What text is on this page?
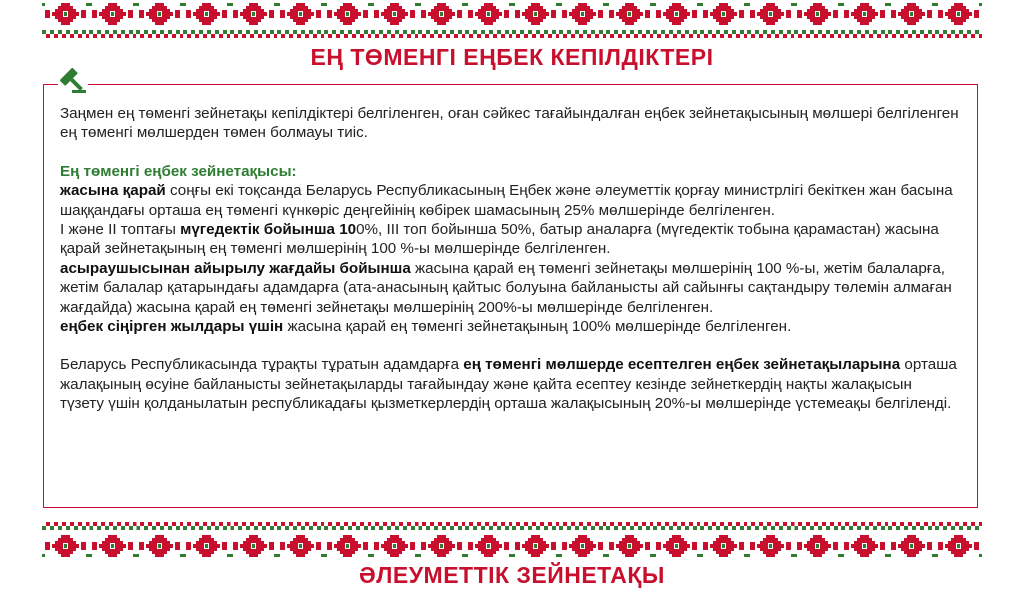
ЕҢ ТӨМЕНГІ ЕҢБЕК КЕПІЛДІКТЕРІ

Заңмен ең төменгі зейнетақы кепілдіктері белгіленген, оған сәйкес тағайындалған еңбек зейнетақысының мөлшері белгіленген ең төменгі мөлшерден төмен болмауы тиіс.

Ең төменгі еңбек зейнетақысы:

жасына қарай соңғы екі тоқсанда Беларусь Республикасының Еңбек және әлеуметтік қорғау министрлігі бекіткен жан басына шаққандағы орташа ең төменгі күнкөріс деңгейінің көбірек шамасының 25% мөлшерінде белгіленген.

І және ІІ топтағы мүгедектік бойынша 100%, ІІІ топ бойынша 50%, батыр аналарға (мүгедектік тобына қарамастан) жасына қарай зейнетақының ең төменгі мөлшерінің 100 %-ы мөлшерінде белгіленген.

асыраушысынан айырылу жағдайы бойынша жасына қарай ең төменгі зейнетақы мөлшерінің 100 %-ы, жетім балаларға, жетім балалар қатарындағы адамдарға (ата-анасының қайтыс болуына байланысты ай сайынғы сақтандыру төлемін алмаған жағдайда) жасына қарай ең төменгі зейнетақы мөлшерінің 200%-ы мөлшерінде белгіленген.

еңбек сіңірген жылдары үшін жасына қарай ең төменгі зейнетақының 100% мөлшерінде белгіленген.

Беларусь Республикасында тұрақты тұратын адамдарға ең төменгі мөлшерде есептелген еңбек зейнетақыларына орташа жалақының өсуіне байланысты зейнетақыларды тағайындау және қайта есептеу кезінде зейнеткердің нақты жалақысын түзету үшін қолданылатын республикадағы қызметкерлердің орташа жалақысының 20%-ы мөлшерінде үстемеақы белгіленді.

ӘЛЕУМЕТТІК ЗЕЙНЕТАҚЫ
